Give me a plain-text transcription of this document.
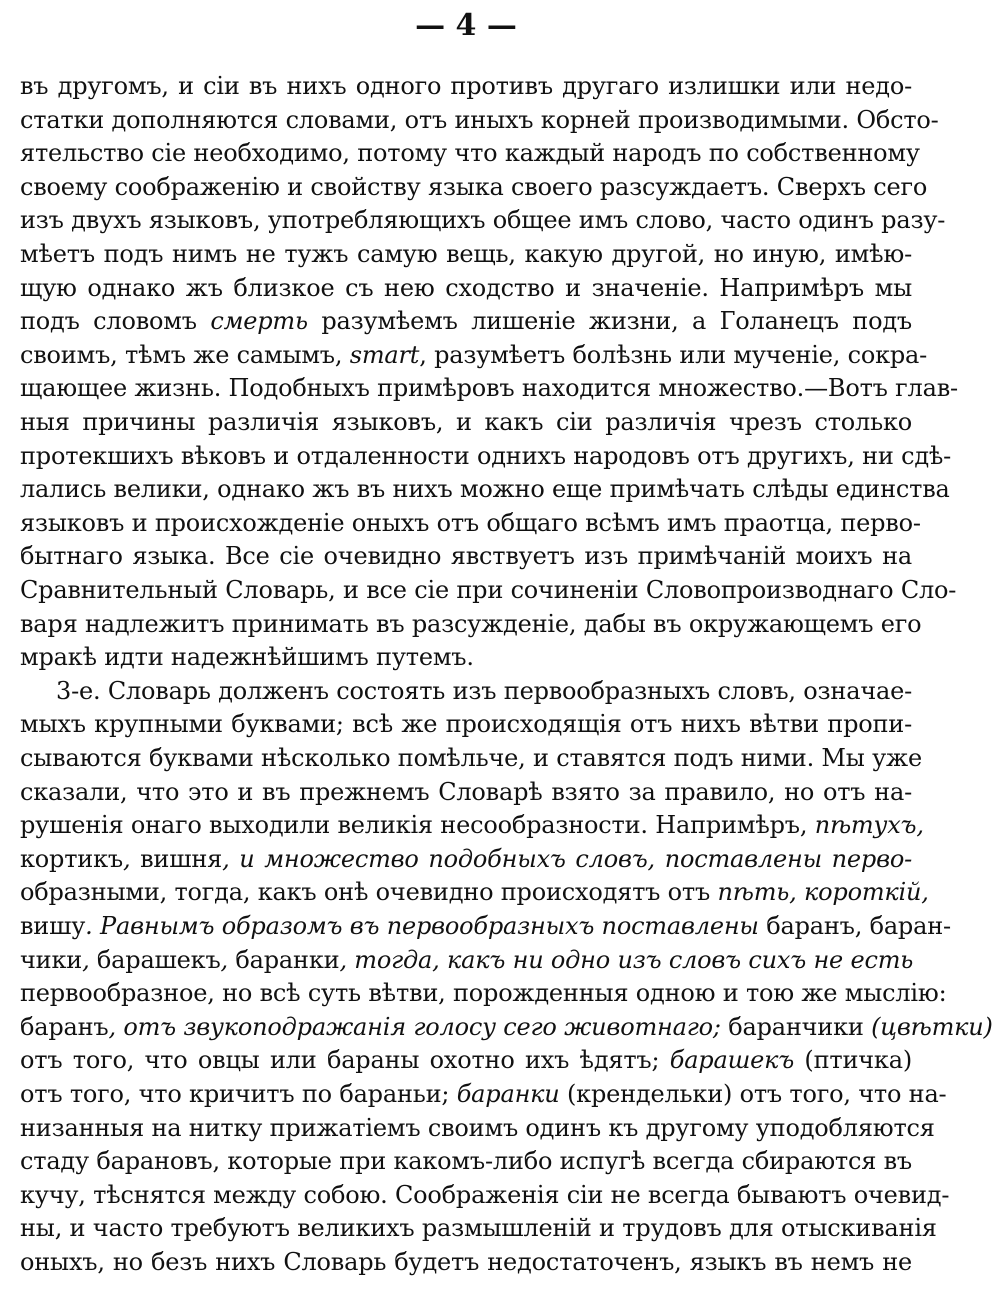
— 4 —
въ другомъ, и сіи въ нихъ одного противъ другаго излишки или недо-
статки дополняются словами, отъ иныхъ корней производимыми. Обсто-
ятельство сіе необходимо, потому что каждый народъ по собственному
своему соображенію и свойству языка своего разсуждаетъ. Сверхъ сего
изъ двухъ языковъ, употребляющихъ общее имъ слово, часто одинъ разу-
мѣетъ подъ нимъ не тужъ самую вещь, какую другой, но иную, имѣю-
щую однако жъ близкое съ нею сходство и значеніе. Напримѣръ мы
подъ словомъ смерть разумѣемъ лишеніе жизни, а Голанецъ подъ
своимъ, тѣмъ же самымъ, smart, разумѣетъ болѣзнь или мученіе, сокра-
щающее жизнь. Подобныхъ примѣровъ находится множество.—Вотъ глав-
ныя причины различія языковъ, и какъ сіи различія чрезъ столько
протекшихъ вѣковъ и отдаленности однихъ народовъ отъ другихъ, ни сдѣ-
лались велики, однако жъ въ нихъ можно еще примѣчать слѣды единства
языковъ и происхожденіе оныхъ отъ общаго всѣмъ имъ праотца, перво-
бытнаго языка. Все сіе очевидно явствуетъ изъ примѣчаній моихъ на
Сравнительный Словарь, и все сіе при сочиненіи Словопроизводнаго Сло-
варя надлежитъ принимать въ разсужденіе, дабы въ окружающемъ его
мракѣ идти надежнѣйшимъ путемъ.
3-е. Словарь долженъ состоять изъ первообразныхъ словъ, означае-
мыхъ крупными буквами; всѣ же происходящія отъ нихъ вѣтви пропи-
сываются буквами нѣсколько помѣльче, и ставятся подъ ними. Мы уже
сказали, что это и въ прежнемъ Словарѣ взято за правило, но отъ на-
рушенія онаго выходили великія несообразности. Напримѣръ, пѣтухъ,
кортикъ, вишня, и множество подобныхъ словъ, поставлены перво-
образными, тогда, какъ онѣ очевидно происходятъ отъ пѣть, короткій,
вишу. Равнымъ образомъ въ первообразныхъ поставлены баранъ, баран-
чики, барашекъ, баранки, тогда, какъ ни одно изъ словъ сихъ не есть
первообразное, но всѣ суть вѣтви, порожденныя одною и тою же мыслію:
баранъ, отъ звукоподражанія голосу сего животнаго; баранчики (цвѣтки)
отъ того, что овцы или бараны охотно ихъ ѣдятъ; барашекъ (птичка)
отъ того, что кричитъ по бараньи; баранки (крендельки) отъ того, что на-
низанныя на нитку прижатіемъ своимъ одинъ къ другому уподобляются
стаду барановъ, которые при какомъ-либо испугѣ всегда сбираются въ
кучу, тѣснятся между собою. Соображенія сіи не всегда бываютъ очевид-
ны, и часто требуютъ великихъ размышленій и трудовъ для отыскиванія
оныхъ, но безъ нихъ Словарь будетъ недостаточенъ, языкъ въ немъ не
